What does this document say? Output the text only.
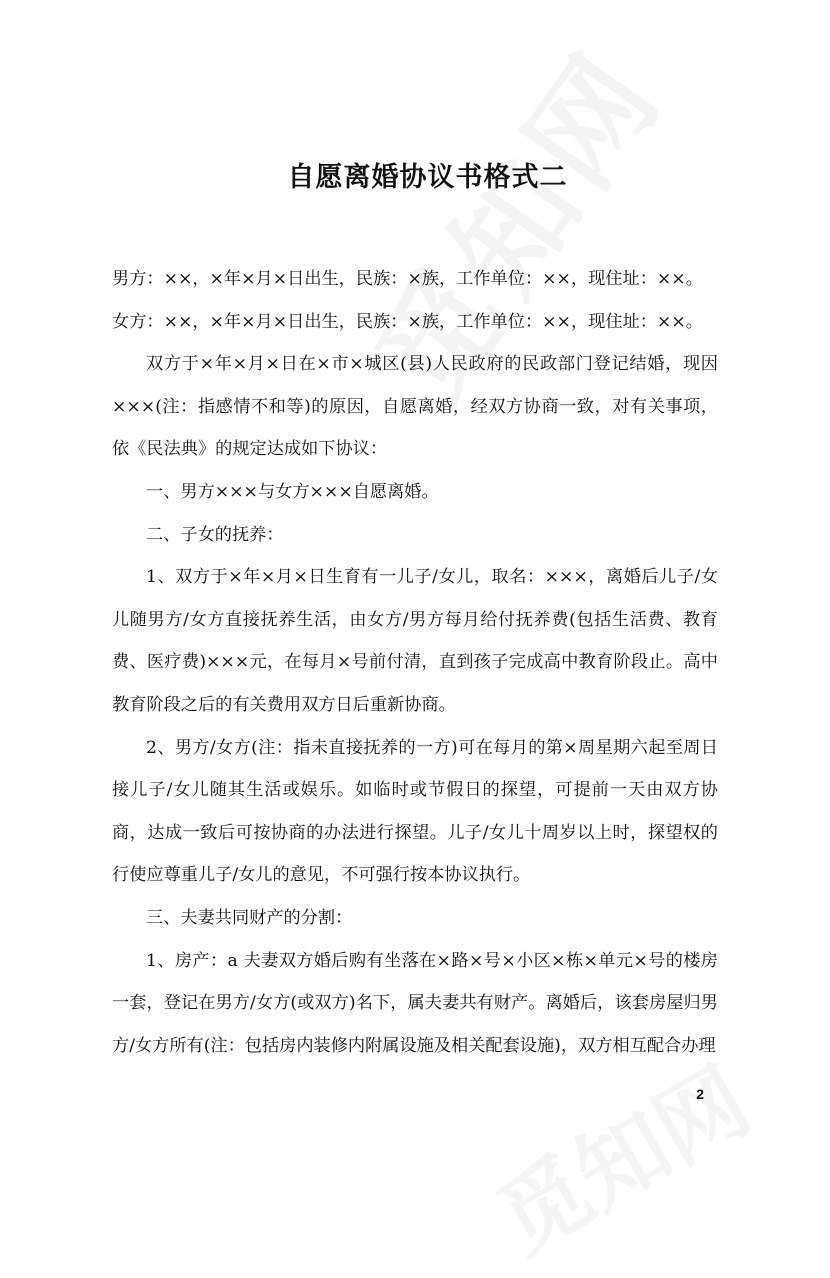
自愿离婚协议书格式二

男方：××，×年×月×日出生，民族：×族，工作单位：××，现住址：××。

女方：××，×年×月×日出生，民族：×族，工作单位：××，现住址：××。

双方于×年×月×日在×市×城区(县)人民政府的民政部门登记结婚，现因×××(注：指感情不和等)的原因，自愿离婚，经双方协商一致，对有关事项，依《民法典》的规定达成如下协议：

一、男方×××与女方×××自愿离婚。

二、子女的抚养：

1、双方于×年×月×日生育有一儿子/女儿，取名：×××，离婚后儿子/女儿随男方/女方直接抚养生活，由女方/男方每月给付抚养费(包括生活费、教育费、医疗费)×××元，在每月×号前付清，直到孩子完成高中教育阶段止。高中教育阶段之后的有关费用双方日后重新协商。

2、男方/女方(注：指未直接抚养的一方)可在每月的第×周星期六起至周日接儿子/女儿随其生活或娱乐。如临时或节假日的探望，可提前一天由双方协商，达成一致后可按协商的办法进行探望。儿子/女儿十周岁以上时，探望权的行使应尊重儿子/女儿的意见，不可强行按本协议执行。

三、夫妻共同财产的分割：

1、房产：a 夫妻双方婚后购有坐落在×路×号×小区×栋×单元×号的楼房一套，登记在男方/女方(或双方)名下，属夫妻共有财产。离婚后，该套房屋归男方/女方所有(注：包括房内装修内附属设施及相关配套设施)，双方相互配合办理

2
